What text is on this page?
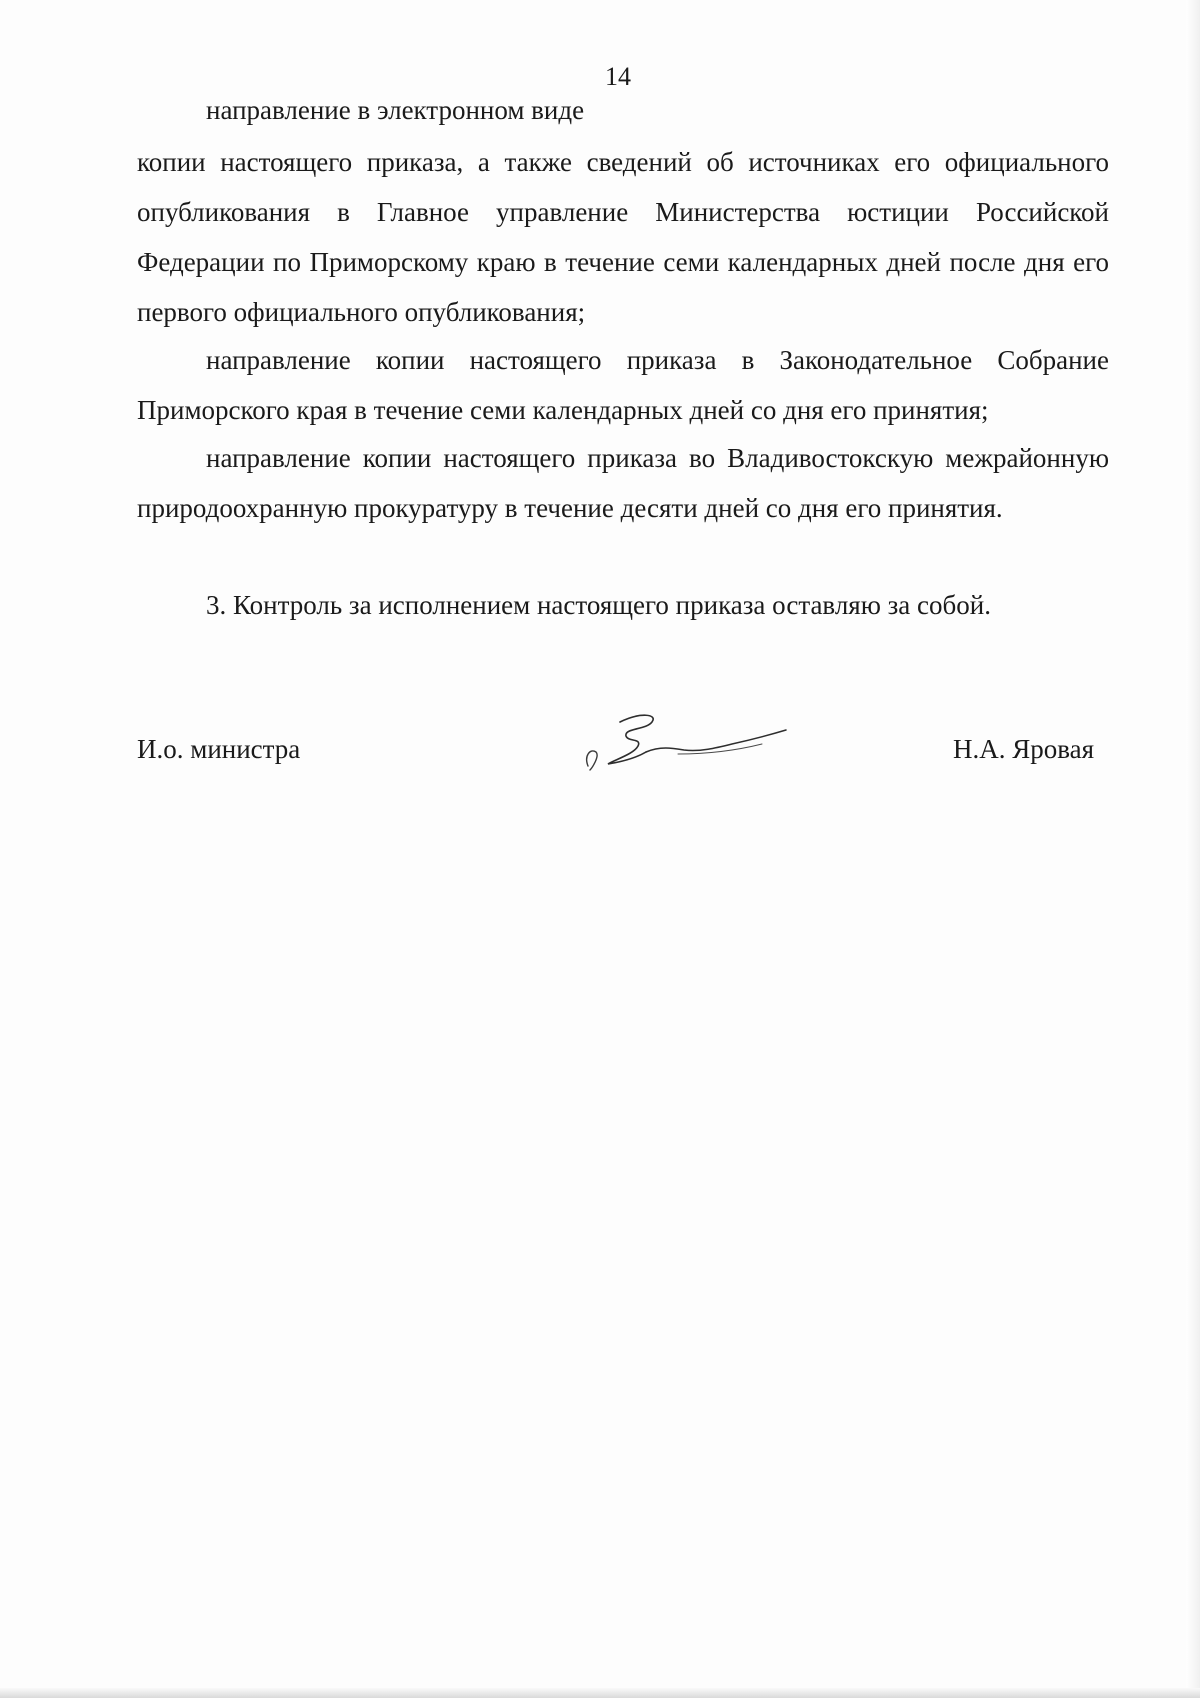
14
направление в электронном виде

копии настоящего приказа, а также сведений об источниках его официального опубликования в Главное управление Министерства юстиции Российской Федерации по Приморскому краю в течение семи календарных дней после дня его первого официального опубликования;

направление копии настоящего приказа в Законодательное Собрание Приморского края в течение семи календарных дней со дня его принятия;

направление копии настоящего приказа во Владивостокскую межрайонную природоохранную прокуратуру в течение десяти дней со дня его принятия.

3. Контроль за исполнением настоящего приказа оставляю за собой.

И.о. министра	Н.А. Яровая
